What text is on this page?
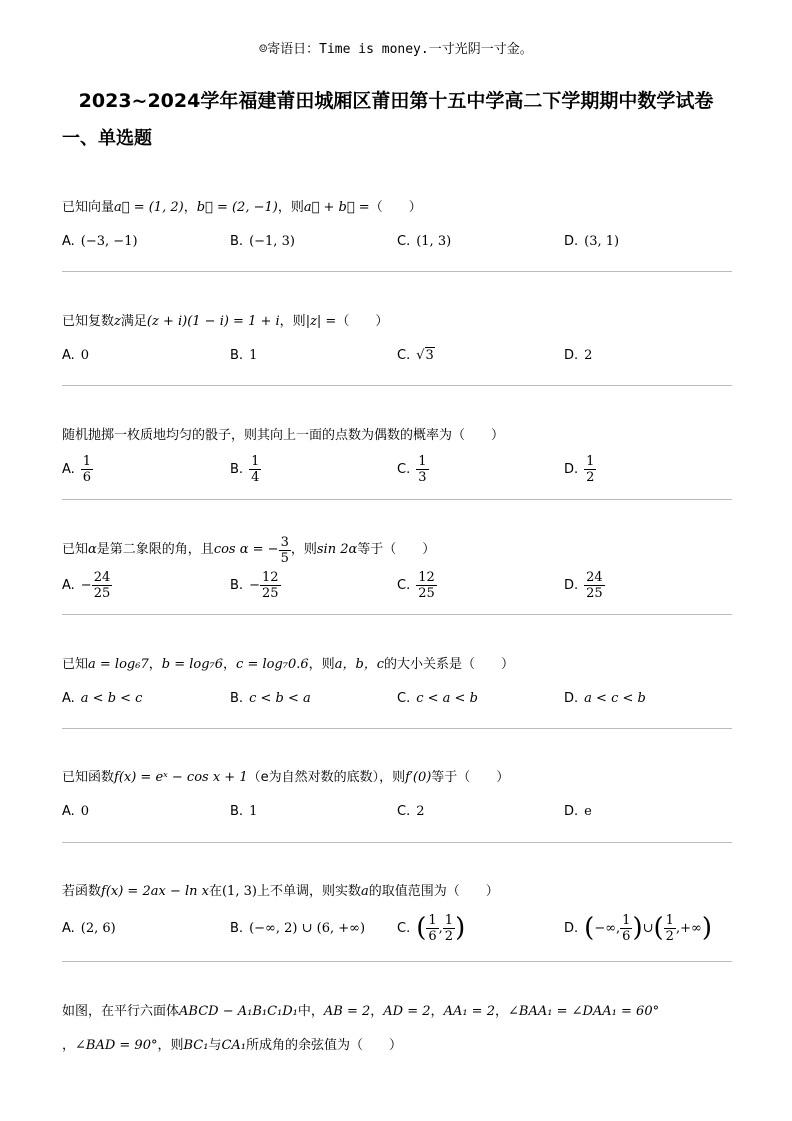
☺寄语日：Time is money.一寸光阴一寸金。
2023~2024学年福建莆田城厢区莆田第十五中学高二下学期期中数学试卷
一、单选题
已知向量a⃗ = (1, 2)，b⃗ = (2, −1)，则a⃗ + b⃗ =（　　）
A. (−3, −1)	B. (−1, 3)	C. (1, 3)	D. (3, 1)
已知复数z满足(z + i)(1 − i) = 1 + i，则|z| =（　　）
A. 0	B. 1	C. √3	D. 2
随机抛掷一枚质地均匀的骰子，则其向上一面的点数为偶数的概率为（　　）
A. $\frac{1}{6}$	B. $\frac{1}{4}$	C. $\frac{1}{3}$	D. $\frac{1}{2}$
已知 α 是第二象限的角，且 cos α = − $\frac{3}{5}$ ，则 sin 2α 等于（　　）
A. − $\frac{24}{25}$	B. − $\frac{12}{25}$	C. $\frac{12}{25}$	D. $\frac{24}{25}$
已知a = log₆7，b = log₇6，c = log₇0.6，则a，b，c的大小关系是（　　）
A. a < b < c	B. c < b < a	C. c < a < b	D. a < c < b
已知函数f(x) = eˣ − cos x + 1（e为自然对数的底数），则f′(0)等于（　　）
A. 0	B. 1	C. 2	D. e
若函数f(x) = 2ax − ln x在(1, 3)上不单调，则实数a的取值范围为（　　）
A. (2, 6)	B. (−∞, 2) ∪ (6, +∞) C. ( $\frac{1}{6}$ , $\frac{1}{2}$ )	D. ( −∞, $\frac{1}{6}$ ) ∪ ( $\frac{1}{2}$ ,+∞ )
如图，在平行六面体ABCD − A₁B₁C₁D₁中，AB = 2，AD = 2，AA₁ = 2，∠BAA₁ = ∠DAA₁ = 60°
，∠BAD = 90°，则BC₁与CA₁所成角的余弦值为（　　）
